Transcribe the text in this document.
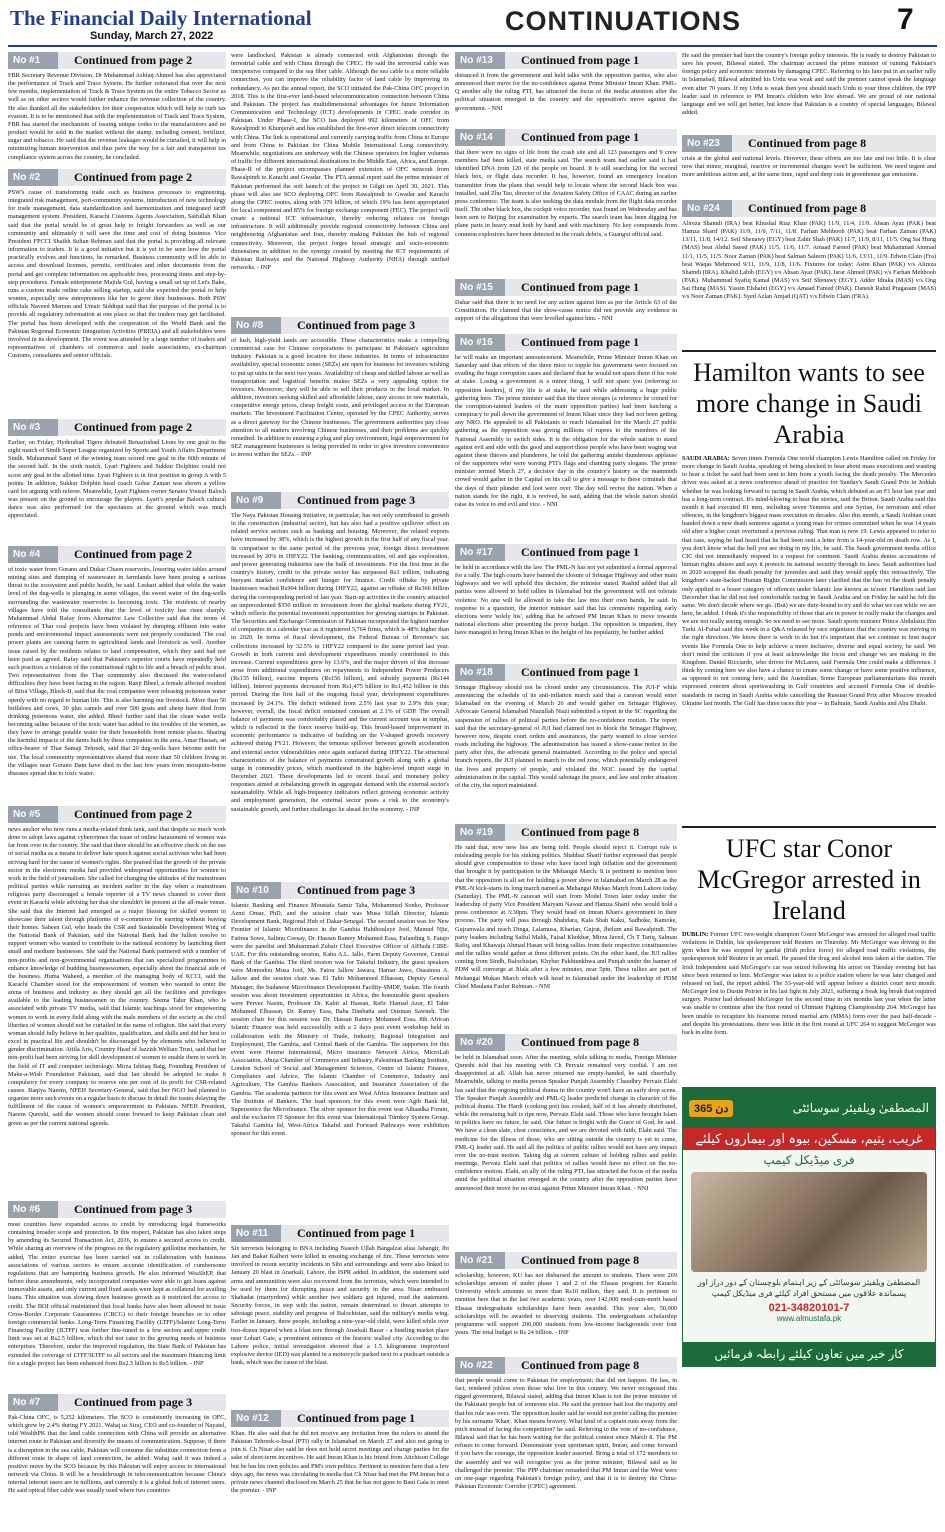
The Financial Daily International
Sunday, March 27, 2022	CONTINUATIONS	7
No #1	Continued from page 2
FBR Secretary Revenue Division, Dr Muhammad Ashfaq Ahmed has also appreciated the performance of Track and Trace System. He further reiterated that over the next few months, implementation of Track & Trace System on the entire Tobacco Sector as well as on other sectors would further enhance the revenue collection of the country. He also thanked all the stakeholders for their cooperation which will help to curb tax evasion. It is to be mentioned that with the implementation of Track and Trace System, FBR has started the mechanism of issuing unique codes to the manufacturers and no product would be sold in the market without the stamp, including cement, fertilizer, sugar and tobacco. He said that the revenue leakages would be curtailed, it will help in minimizing human intervention and thus pave the way for a fair and transparent tax compliance system across the country, he concluded.
No #2	Continued from page 2
PSW's cause of transforming trade such as business processes to engineering, integrated risk management, port-community systems, introduction of new technology for trade management, data standardization and harmonization and integrated tariff management system. President, Karachi Customs Agents Association, Saifullah Khan said that the portal would be of great help to freight forwarders as well as our community and ultimately it will save the time and cost of doing business. Vice President FPCCI Shaikh Sultan Rehman said that the portal is providing all relevant information to traders. It is a good initiative but it is yet to be seen how the portal practically evolves and functions, he remarked. Business community will be able to access and download licenses, permits, certificates and other documents from the portal and get complete information on applicable fees, processing times and step-by-step procedures. Female entrepreneur Majida Gul, having a small set up of Let's Bake, runs a custom made online cake selling startup, said she expected the portal to help women, especially new entrepreneurs like her to grow their businesses. Both PSW officials Naveed Memon and Umair Siddiqui said that the purpose of the portal is to provide all regulatory information at one place so that the traders may get facilitated. The portal has been developed with the cooperation of the World Bank and the Pakistan Regional Economic Integration Activities (PREIA) and all stakeholders were involved in its development. The event was attended by a large number of traders and representatives of chambers of commerce and trade associations, ex-chairman Customs, consultants and senior officials.
No #3	Continued from page 2
Earlier, on Friday, Hyderabad Tigers defeated Benazirabad Lions by one goal in the eight match of Sindh Super League organized by Sports and Youth Affairs Department Sindh. Muhammad Sami of the winning team scored one goal in the 60th minute of the second half. In the sixth match, Lyari Fighters and Sukkur Dolphins could not score any goal in the allotted time. Lyari Fighters is in first position in group A with 5 points. In addition, Sukkur Dolphin head coach Gohar Zaman was shown a yellow card for arguing with referee. Meanwhile, Lyari Fighters owner Senator Yousuf Baloch was present on the ground to encourage the players. Lyari's popular Baloch cultural dance was also performed for the spectators at the ground which was much appreciated.
No #4	Continued from page 2
of toxic water from Gorano and Dukar Chaon reservoirs, lowering water tables around mining sites and dumping of wastewater in farmlands have been posing a serious threat to the ecosystem and public health, he said. Leshari added that while the water level of the dug-wells is plunging in some villages, the sweet water of the dug-wells surrounding the wastewater reservoirs is becoming toxic. The residents of nearby villages have told the consultants that the level of toxicity has risen sharply. Muhammad Abdul Rafay from Alternative Law Collective said that the terms of reference of Thar coal projects have been violated by dumping effluent into water ponds and environmental impact assessments were not properly conducted. The coal power plants are causing harm to agricultural lands and livestock as well. Another issue raised by the residents relates to land compensation, which they said had not been paid as agreed. Rafay said that Pakistan's superior courts have repeatedly held such practices a violation of the constitutional right to life and a breach of public trust. Two representatives from the Thar community also discussed the water-related difficulties they have been facing in the region. Ranji Bheel, a female affected resident of Bitra Village, Block-II, said that the coal companies were releasing poisonous water openly with no regard to human life. This is also harming our livestock. More than 50 buffaloes and cows, 30 plus camels and over 500 goats and sheep have died from drinking poisonous water, she added. Bheel further said that the clean water wells becoming saline because of the toxic water has added to the troubles of the women, as they have to arrange potable water for their households from remote places. Sharing the harmful impacts of the dams built by these companies in the area, Amar Hassan, an office-bearer of Thar Samaji Tehreek, said that 20 dug-wells have become unfit for use. The local community representatives shared that more than 50 children living in the villages near Gorano Dam have died in the last few years from mosquito-borne diseases spread due to toxic water.
No #5	Continued from page 2
news anchor who now runs a media-related think tank, said that despite so much work done to adopt laws against cybercrimes the issue of online harassment of women was far from over in the country. She said that there should be an effective check on the use of social media as a means to deliver hate speech against social activists who had been striving hard for the cause of women's rights. She praised that the growth of the private sector in the electronic media had provided widespread opportunities for women to work in the field of journalism. She called for changing the attitudes of the mainstream political parties while narrating an incident earlier in the day when a mainstream religious party discouraged a female reporter of a TV news channel to cover their event in Karachi while advising her that she shouldn't be present at the all-male venue. She said that the Internet had emerged as a major blessing for skilled women to showcase their talent through platforms of e-commerce for earning without leaving their homes. Sabeen Gul, who heads the CSR and Sustainable Development Wing of the National Bank of Pakistan, said the National Bank had the fullest resolve to support women who wanted to contribute to the national economy by launching their small and medium businesses. She said the National Bank partnered with a number of non-profits and non-governmental organisations that ran specialized programmes to enhance knowledge of budding businesswomen, especially about the financial side of the business. Huma Waheed, a member of the managing body of KCCI, said the Karachi Chamber stood for the empowerment of women who wanted to enter the arena of business and industry as they should get all the facilities and privileges available to the leading businessmen in the country. Seema Tahir Khan, who is associated with private TV media, said that Islamic teachings stood for empowering women to work in every field along with the male members of the society as the civil liberties of women should not be curtailed in the name of religion. She said that every woman should fully believe in her qualities, qualification, and skills and did her best to excel in practical life and shouldn't be discouraged by the elements who believed in gender discrimination. Attila Aris, Country Head of Jazzish Welfare Trust, said that her non-profit had been striving for skill development of women to enable them to work in the field of IT and computer technology. Mirza Ishtiaq Baig, Founding President of Make-a-Wish Foundation Pakistan, said that Ian should be adopted to make it compulsory for every company to reserve one per cent of its profit for CSR-related causes. Baqiya Naeem, NFEH Secretary-General, said that her NGO had planned to organise more such events on a regular basis to discuss in detail the issues delaying the fulfillment of the cause of women's empowerment in Pakistan. NFEH President, Naeem Qureshi, said the women should come forward to keep Pakistan clean and green as per the current national agenda.
No #6	Continued from page 3
most countries have expanded access to credit by introducing legal frameworks containing broader scope and protection. In this respect, Pakistan has also taken steps by amending its Secured Transaction Act, 2016, to ensure a secured access to credit. While sharing an overview of the progress on the regulatory guillotine mechanism, he added, The entire exercise has been carried out in collaboration with business associations of various sectors to ensure accurate identification of cumbersome regulations that are hampering business growth. He also informed WeaShEP, that before these amendments, only incorporated companies were able to get loans against immovable assets, and only current and fixed assets were kept as collateral for availing loans. This situation was slowing down business growth as it restricted the access to credit. The BOI official maintained that local banks have also been allowed to issue Cross-Border Corporate Guarantees (CBCG) to their foreign branches or to other foreign commercial banks. Long-Term Financing Facility (LTFF)/Islamic Long-Term Financing Facility (ILTFF) was further fine-tuned to a few sectors and upper credit limit was set at Rs2.5 billion, which did not cater to the growing needs of business enterprises. Therefore, under the improved regulation, the State Bank of Pakistan has extended the coverage of LTFF/ILTFF to all sectors and the maximum financing limit for a single project has been enhanced from Rs2.5 billion to Rs5 billion. - INP
No #7	Continued from page 3
Pak-China OFC, is 5,252 kilometers. The SCO is consistently increasing its OFC, which grew by 2.4% during FY 2021. Wahaj us Siraj, CEO and co-founder of Nayatel, told WealthPK that the land cable connection with China will provide an alternative internet route to Pakistan and diversify the means of communication. Suppose, if there is a disruption in the sea cable, Pakistan will consume the substitute connection from a different route in shape of land connection, he added. Wahaj said it was indeed a positive move by the SCO because by this Pakistan will enjoy access to international network via China. It will be a breakthrough in telecommunication because China's internal internet users are in millions, and currently it is a global hub of internet users. He said optical fiber cable was usually used where two countries
were landlocked. Pakistan is already connected with Afghanistan through the terrestrial cable and with China through the CPEC. He said the terrestrial cable was inexpensive compared to the sea fiber cable. Although the sea cable is a more reliable connection, you can improve the reliability factor of land cable by improving its redundancy. As per the annual report, the SCO initiated the Pak-China OFC project in 2018. This is the first-ever land-based telecommunication connection between China and Pakistan. The project has multidimensional advantages for future Information Communication and Technology (ICT) developments in CPEC trade corridor in Pakistan. Under Phase-I, the SCO has deployed 992 kilometers of OFC from Rawalpindi to Khunjerab and has established the first-ever direct telecom connectivity with China. The link is operational and currently carrying traffic from China to Europe and from China to Pakistan for China Mobile International Long connectivity. Meanwhile, negotiations are underway with the Chinese operators for higher volumes of traffic for different international destinations in the Middle East, Africa, and Europe. Phase-II of the project encompasses planned extension of OFC network from Rawalpindi to Karachi and Gwadar. The PTA annual report said the prime minister of Pakistan performed the soft launch of the project in Gilgit on April 30, 2021. This phase will also see SCO deploying OFC from Rawalpindi to Gwadar and Karachi along the CPEC routes, along with 379 billion, of which 19% has been appropriated for local component and 85% for foreign exchange component (FEC). The project will create a national ICT infrastructure, thereby reducing reliance on foreign infrastructure. It will additionally provide regional connectivity between China and neighbouring Afghanistan and Iran, thereby making Pakistan the hub of regional connectivity. Moreover, the project forges broad strategic and socio-economic dimensions in addition to the synergy created by meeting the ICT requirements of Pakistan Railways and the National Highway Authority (NHA) through unified networks. - INP
No #8	Continued from page 3
of lush, high-yield lands are accessible. These characteristics make a compelling commercial case for Chinese corporations to participate in Pakistan's agriculture industry. Pakistan is a good location for these industries. In terms of infrastructure availability, special economic zones (SEZs) are open for business for investors wishing to put up units in the next two years. Availability of cheap and skilled labour as well as transportation and logistical benefits makes SEZs a very appealing option for investors. Moreover, they will be able to sell their products in the local market. In addition, investors seeking skilled and affordable labour, easy access to raw materials, competitive energy prices, cheap freight costs, and privileged access to the European markets. The Investment Facilitation Centre, operated by the CPEC Authority, serves as a direct gateway for the Chinese businesses. The government authorities pay close attention to all matters involving Chinese businesses, and their problems are quickly remedied. In addition to ensuring a plug and play environment, legal empowerment for SEZ management businesses is being provided in order to give investors convenience to invest within the SEZs. - INP
No #9	Continued from page 3
The Naya Pakistan Housing Initiative, in particular, has not only contributed to growth in the construction (industrial sector), but has also had a positive spillover effect on related service sectors such as banking and housing. Moreover, the related exports have increased by 38%, which is the highest growth in the first half of any fiscal year. In comparison to the same period of the previous year, foreign direct investment increased by 20% in 1HFY22. The banking, communication, oil and gas exploration, and power generating industries saw the bulk of investments. For the first time in the country's history, credit to the private sector has surpassed Rs1 trillion, indicating buoyant market confidence and hunger for finance. Credit offtake by private businesses reached Rs904 billion during 1HFY22, against an offtake of Rs366 billion during the corresponding period of last year. Start-up activities in the country attracted an unprecedented $350 million in investment from the global markets during FY21, which reflects the potential investment opportunities for growing startups in Pakistan. The Securities and Exchange Commission of Pakistan incorporated the highest number of companies in a calendar year as it registered 5,764 firms, which is 48% higher than in 2020. In terms of fiscal development, the Federal Bureau of Revenue's tax collections increased by 32.5% in 1HFY22 compared to the same period last year. Growth in both current and development expenditures mostly contributed to this increase. Current expenditures grew by 13.6%, and the major drivers of this increase arose from additional expenditures on repayments to Independent Power Producers (Rs135 billion), vaccine imports (Rs156 billion), and subsidy payments (Rs144 billion). Interest payments decreased from Rs1,475 billion to Rs1,452 billion in this period. During the first half of the ongoing fiscal year, development expenditures increased by 24.1%. The deficit widened from 2.5% last year to 2.9% this year; however, overall, the fiscal deficit remained constant at 2.1% of GDP. The overall balance of payments was comfortably placed and the current account was in surplus, which is reflected in the forex reserve build-up. This broad-based improvement in economic performance is indicative of building on the V-shaped growth recovery achieved during FY21. However, the tenuous spillover between growth acceleration and external sector vulnerabilities once again surfaced during 1HFY22. The structural characteristics of the balance of payments constrained growth along with a global surge in commodity prices, which manifested in the higher-level import surge in December 2021. These developments led to recent fiscal and monetary policy responses aimed at rebalancing growth in aggregate demand with the external sector's sustainability. While all high-frequency indicators reflect growing economic activity and employment generation, the external sector poses a risk to the economy's sustainable growth, and further challenges lie ahead for the economy. - INP
No #10	Continued from page 3
Islamic Banking and Finance Moustafa Samir Taha, Mohammed Sonko, Professor Azmi Omar, PhD, and the session chair was Musa Sillah Director, Islamic Development Bank, Regional Hub of Dakar-Senegal. The second session was for New Frontier of Islamic Microfinance in the Gambia Habiboulaye Joof, Mamud Njie, Fatima Sowe, Salimu Ceesay, Dr. Hassan Ramey Mohamed Essa, Fafanding S. Fatajo were the panelist and Muhammad Zubair Chief Executive Officer of AlHuda CIBE-UAE. For this outstanding session, Kaba A.L. Jallo, Farm Deputy Governor, Central Bank of the Gambia. The third session was for Takaful Industry, the guest speakers were Momodou Musa Joof, Ms. Fatou Jallow Jawara, Hamar Jawo, Ousainou A. Jallow and the session chair was El Tahir Mohammed Elhassan, Deputy General Manager, the Sudanese Microfinance Development Facility-SMDF, Sudan. The fourth session was about investment opportunities in Africa, the honourable guest speakers were Pervez Nasim, Professor Dr. Kabir al Hassan, Rafic Hamad Azar, El Tahir Mohamed Elhassan, Dr. Ramey Essa, Baba Danbatta and Ousman Sawneh. The session chair for this session was Dr. Hassan Ramey Mohamed Essa. 8th African Islamic Finance was held successfully with a 2 days post event workshop held in collaboration with the Ministry of Trade, Industry, Regional Integration and Employment, The Gambia, and Central Bank of the Gambia. The supporters for this event were Heemo International, Micro insurance Network Africa, MicroLab Association, Abuja Chamber of Commerce and Industry, Palestinian Banking Institute, London School of Social and Management Sciences, Centre of Islamic Finance, Compliance and Advice, The Islamic Chamber of Commerce, Industry and Agriculture, The Gambia Bankers Association, and Insurance Association of the Gambia. The academia partners for this event are West Africa Insurance Institute and The Institute of Bankers. The lead sponsors for this event were Agib Bank ltd, Supersonicz the Microfinance. The silver sponsor for this event was Alhaadka Forum, and the exclusive IT Sponsor for this event was International Turnkey System Group. Takaful Gambia ltd, West-Africa Takaful and Forward Pathways were exhibition sponsor for this event.
No #11	Continued from page 1
Six terrorists belonging to BNA including Naseeb Ullah Bangalzai alias Jahangir, Ibi Jan and Bakar Kalbert were killed in ensuing exchange of fire. These terrorists were involved in recent security incidents in Sibi and surroundings and were also linked to January 20 blast in Anarkali, Lahore, the ISPR added. In addition, the statement said arms and ammunition were also recovered from the terrorists, which were intended to be used by them for disrupting peace and security in the area. Nisar embraced Shahadat (martyrdom) while another two soldiers got injured, read the statement. Security forces, in step with the nation, remain determined to thwart attempts to sabotage peace, stability and progress of Balochistan, said the military's media wing. Earlier in January, three people, including a nine-year-old child, were killed while over two-dozen injured when a blast tore through Anarkali Bazar - a bustling market place near Lohari Gate, a prominent entrance of the historic walled city. According to the Lahore police, initial investigation showed that a 1.5 kilogramme improvised explosive device (IED) was planted in a motorcycle parked next to a pushcart outside a bank, which was the cause of the blast.
No #12	Continued from page 1
Khan. He also said that he did not receive any invitation from the rulers to attend the Pakistan Tehreek-e-Insaf (PTI) rally in Islamabad on March 27 and also not going to join it. Ch Nisar also said he does not hold secret meetings and change parties for the sake of short-term incentives. He said Imran Khan is his friend from Aitchison College but he has his own policies and PM's own politics. Pertinent to mention here that a few days ago, the news was circulating in media that Ch Nisar had met the PM Imran but a private news channel disclosed on March 25 that he has not gone to Bani Gala to meet the premier. - INP
No #13	Continued from page 1
distanced it from the government and held talks with the opposition parties, who also announced their move for the no-confidence against Prime Minister Imran Khan. PML-Q another ally the ruling PTI, has attracted the focus of the media attention after the political situation emerged in the country and the opposition's move against the government. - NNI
No #14	Continued from page 1
that there were no signs of life from the crash site and all 123 passengers and 9 crew members had been killed, state media said. The search team had earlier said it had identified DNA from 120 of the people on board. It is still searching for the second black box, or flight data recorder. It has, however, found an emergency location transmitter from the plane that would help to locate where the second black box was installed, said Zhu Tao, director of the Aviation Safety Office of CAAC during an earlier press conference. The team is also seeking the data module from the flight data recorder itself. The other black box, the cockpit voice recorder, was found on Wednesday and has been sent to Beijing for examination by experts. The search team has been digging for plane parts in heavy mud both by hand and with machinery. No key compounds from common explosives have been detected in the crash debris, a Guangxi official said.
No #15	Continued from page 1
Dahar said that there is no need for any action against him as per the Article 63 of the Constitution. He claimed that the show-cause notice did not provide any evidence in support of the allegations that were levelled against him. - NNI
No #16	Continued from page 1
he will make an important announcement. Meanwhile, Prime Minister Imran Khan on Saturday said that efforts of the three mice to topple his government were focused on evading the huge corruption cases and declared that he would not spare them if his vote at stake. Losing a government is a minor thing, I will not spare you (referring to opposition leaders), if my life is at stake, he said while addressing a huge public gathering here. The prime minister said that the three stooges (a reference he coined for the corruption-tainted leaders of the main opposition parties) had been hatching a conspiracy to pull down the government of Imran Khan since they had not been getting any NRO. He appealed to all Pakistanis to reach Islamabad for the March 27 public gathering as the opposition was giving millions of rupees to the members of the National Assembly to switch sides. It is the obligation for the whole nation to stand against evil and side with the good and support those people who have been waging war against these thieves and plunderers, he told the gathering amidst thunderous applause of the supporters who were waving PTI's flags and chanting party slogans. The prime minister termed March 27, a decisive day in the country's history as the mammoth crowd would gather in the Capital on his call to give a message to these criminals that the days of their plunder and loot were over. The day will revive the nation. When a nation stands for the right, it is revived, he said, adding that the whole nation should raise its voice to end evil and vice. - NNI
No #17	Continued from page 1
be held in accordance with the law. The PML-N has not yet submitted a formal approval for a rally. The high courts have banned the closure of Srinagar Highway and other main highways and we will uphold this decision, the minister stated. Rashid added that all parties were allowed to hold rallies in Islamabad but the government will not tolerate violence. No one will be allowed to take the law into their own hands, he said. In response to a question, the interior minister said that his comments regarding early elections were 'solely his', adding that he advised PM Imran Khan to move towards national elections after presenting the proxy budget. The opposition is impudent, they have managed to bring Imran Khan to the height of his popularity, he further added.
No #18	Continued from page 1
Srinagar Highway should not be closed under any circumstances. The JUI-F while announcing the schedule of its anti-inflation march said that a caravan would enter Islamabad on the evening of March 26 and would gather on Srinagar Highway. Advocate General Islamabad Niazullah Niazi submitted a report in the SC regarding the suspension of rallies of political parties before the no-confidence motion. The report said that the secretary-general of JUI had claimed not to block the Srinagar Highway, however now, despite court orders and assurances, the party wanted to close service roads including the highway. The administration has issued a show-cause notice to the party after this, the advocate general maintained. According to the police and special branch reports, the JUI planned to march to the red zone, which potentially endangered the lives and property of people, and violated the NOC issued by the capital administration in the capital. This would sabotage the peace, and law and order situation of the city, the report maintained.
No #19	Continued from page 8
He said that, now new lies are being told. People should reject it. Corrupt rule is misleading people for his sinking politics. Shahbaz Sharif further expressed that people should give compensation to those who have faced high inflation and the government that brought it by participation in the Mehangai March. It is pertinent to mention here that the opposition is all set for holding a power show in Islamabad on March 28 as the PML-N kick-starts its long march named as Mehangai Mukao March from Lahore today (Saturday). The PML-N caravan will start from Model Town later today under the leadership of party Vice President Maryam Nawaz and Hamza Sharif who would hold a press conference at 3:30pm. They would head on Imran Khan's government in their process. The party will pass through Shahdara, Kala Shah Kaku, Sadhoke, Kamoke, Gujranwala and reach Dinga, Lalamusa, Kharian, Gujrat, Jhelum and Rawalpindi. The party leaders including Saiful Malik, Faisal Khokhar, Mirza Javed, Ch T Tariq, Salman Rafiq, and Khawaja Ahmad Hasan will bring rallies from their respective constituencies and the rallies would gather at three different points. On the other hand, the JUI rallies coming from Sindh, Balochistan, Khyber Pakhtunkhwa and Punjab under the banner of PDM will converge at Jilala after a few minutes, near 5pm. These rallies are part of Mehangai Mukao March which will head to Islamabad under the leadership of PDM Chief Maulana Fazlur Rehman. - NNI
No #20	Continued from page 8
be held in Islamabad soon. After the meeting, while talking to media, Foreign Minister Qureshi told that his meeting with Ch Pervaiz remained very cordial. I am not disappointed at all. Allah has never returned me empty-handed, he said cheerfully. Meanwhile, talking to media person Speaker Punjab Assembly Chaudhry Pervaiz Elahi has said that the ongoing political drama in the country won't have an early drop scene. The Speaker Punjab Assembly and PML-Q leader predicted change in character of the political drama. The Hardi (cooking pot) has cooked, half of it has already distributed, while the remaining half is ripe now, Pervaiz Elahi said. Those who have brought Islam in politics have no future, he said. Our future is bright with the Grace of God, he said. We have a clean slate, clear conscience, and we are devoted with faith, Elahi said. The medicine for the illness of those, who are sitting outside the country is yet to come, PML-Q leader said. He said all the politics of public rallies would not have any impact over the no-trust motion. Taking dig at current culture of holding rallies and public meetings, Pervaiz Elahi said that politics of rallies would have no effect on the no-confidence motion. Elahi, an ally of the ruling PTI, has attracted the focus of the media amid the political situation emerged in the country after the opposition parties have announced their move for no-trust against Prime Minister Imran Khan. - NNI
No #21	Continued from page 8
scholarship, however, KU has not disbursed the amount to students. There were 269 scholarships amount of under phase 1 and 2 of the Ehsaas program for Karachi University which amounts to more than Rs10 million, they said. It is pertinent to mention here that in the last two academic years, over 142,000 need-cum-merit based Ehsaas undergraduate scholarships have been awarded. This year also, 50,000 scholarships will be awarded to deserving students. The undergraduate scholarship programme will support 200,000 students from low-income backgrounds over four years. The total budget is Rs 24 billion. - INP
No #22	Continued from page 8
that people would come to Pakistan for employment; that did not happen. He has, in fact, rendered jobless even those who live in this country. We never recognised this rigged government, Bilawal stated, adding that Imran Khan is not the prime minister of the Pakistani people but of someone else. He said the premier had lost the majority and that his rule was over. The opposition leader said he would not prefer calling the premier by his surname 'Khan'. Khan means bravery. What kind of a captain runs away from the pitch instead of facing the competition? he said. Referring to the vote of no-confidence, Bilawal said that he has been waiting for the political contest since March 8. The PM refuses to come forward. Demonstrate your sportsman spirit, Imran, and come forward if you have the courage, the opposition leader asserted. Bring a total of 172 members to the assembly and we will recognise you as the prime minister, Bilawal said as he challenged the premier. The PPP chairman remarked that PM Imran and the West were on one-page regarding Pakistan's foreign policy, and that it is to destroy the China-Pakistan Economic Corridor (CPEC) agreement.
He said the premier had hurt the country's foreign policy interests. He is ready to destroy Pakistan to save his power, Bilawal stated. The chairman accused the prime minister of ruining Pakistan's foreign policy and economic interests by damaging CPEC. Referring to his fans put in an earlier rally in Islamabad, Bilawal admitted his Urdu was weak and said the premier cannot speak the language even after 70 years. If my Urdu is weak then you should teach Urdu to your three children, the PPP leader said in reference to PM Imran's children who live abroad. We are proud of our national language and we will get better, but know that Pakistan is a country of special languages, Bilawal added.
No #23	Continued from page 8
crisis at the global and national levels. However, these efforts are too late and too little. It is clear now that minor, marginal, reactive or incremental changes won't be sufficient. We need urgent and more ambitious action and, at the same time, rapid and deep cuts in greenhouse gas emissions.
No #24	Continued from page 8
Alireza Shamdi (IRA) beat Khushal Riaz Khan (PAK) 11/9, 11/4, 11/9. Ahsan Ayaz (PAK) beat Hamza Sharif (PAK) 11/9, 11/9, 7/11, 11/8. Farhan Mehboob (PAK) beat Farhan Zaman (PAK) 13/11, 11/8, 14/12. Seif Shenawy (EGY) beat Zahir Shah (PAK) 11/7, 11/9, 8/11, 11/5. Ong Sai Hung (MAS) beat Abdul Saeed (PAK) 11/5, 11/6, 11/7. Amaad Fareed (PAK) beat Muhammad Ammad 11/1, 11/5, 11/5. Noor Zaman (PAK) beat Salman Saleem (PAK) 11/6, 13/11, 11/9. Edwin Clain (Fra) beat Waqas Mehmood 9/11, 11/9, 11/8, 11/6. Fixtures for today: Asim Khan (PAK) v/s Alireza Shamdi (IRA). Khalid Labib (EGY) v/s Ahsan Ayaz (PAK). Israr Ahmed (PAK) v/s Farhan Mehboob (PAK). Muhammad Syafiq Kamal (MAS) v/s Seif Shenawy (EGY). Adder Idraka (MAS) v/s Ong Sai Hung (MAS). Yassin Elshafei (EGY) v/s Amaad Fareed (PAK). Danesh Rahul Pragasam (MAS) v/s Noor Zaman (PAK). Syed Azlan Amjad (QAT) v/s Edwin Clain (FRA).
Hamilton wants to see more change in Saudi Arabia
SAUDI ARABIA: Seven times Formula One world champion Lewis Hamilton called on Friday for more change in Saudi Arabia, speaking of being shocked to hear about mass executions and wanting to hear a ticket he said had been sent to him from a youth facing the death penalty. The Mercedes driver was asked at a news conference ahead of practice for Sunday's Saudi Grand Prix in Jeddah whether he was looking forward to racing in Saudi Arabia, which debuted as an F1 host last year and has a long-term contract. It's mind-blowing to hear the stories, said the Briton. Saudi Arabia said this month it had executed 81 men, including seven Yemenis and one Syrian, for terrorism and other offences, in the kingdom's biggest mass execution in decades. Also this month, a Saudi Arabian court handed down a new death sentence against a young man for crimes committed when he was 14 years old after a higher court overturned a previous ruling. That man is now 19. Lewis appeared to refer to that case, saying he had heard that he had been sent a letter from a 14-year-old on death row. As I, you don't know what the hell you are doing in my life, he said. The Saudi government media office CIC did not immediately respond to a request for comment. Saudi Arabia denies accusations of human rights abuses and says it protects its national security through its laws. Saudi authorities had in 2020 scrapped the death penalty for juveniles and said they would apply this retroactively. The kingdom's state-backed Human Rights Commission later clarified that the ban on the death penalty only applied to a lesser category of offences under Islamic law known as ta'zeer. Hamilton said last December that he did not feel comfortable racing in Saudi Arabia and on Friday he said he felt the same. We don't decide where we go. (But) we are duty-bound to try and do what we can while we are here, he added. I think it's the responsibility of those that are in power to really make the changes and we are not really seeing enough. So we need to see more. Saudi sports minister Prince Abdulaziz Bin Turki Al-Faisal said this week in a Q&A released by race organisers that the country was moving in the right direction. We know there is work to do but it's important that we continue to host major events like Formula One to help achieve a more inclusive, diverse and equal society, he said. We don't mind the criticism if you at least acknowledge the focus and change we are making in the Kingdom. Daniel Ricciardo, who drives for McLaren, said Formula One could make a difference. I think by coming here we also have a chance to create some change or have some positive influence, as opposed to not coming here, said the Australian. Some European parliamentarians this month expressed concern about sportswashing in Gulf countries and accused Formula One of double-standards in racing in Saudi Arabia while cancelling the Russian Grand Prix after Moscow invaded Ukraine last month. The Gulf has three races this year -- in Bahrain, Saudi Arabia and Abu Dhabi.
UFC star Conor McGregor arrested in Ireland
DUBLIN: Former UFC two-weight champion Conor McGregor was arrested for alleged road traffic violations in Dublin, his spokesperson told Reuters on Thursday. Mr McGregor was driving to the gym when he was stopped by gardai (Irish police force) for alleged road traffic violations, the spokesperson told Reuters in an email. He passed the drug and alcohol tests taken at the station. The Irish Independent said McGregor's car was seized following his arrest on Tuesday evening but has since been returned to him. McGregor was taken to a police station where he was later charged and released on bail, the report added. The 33-year-old will appear before a district court next month. McGregor lost to Dustin Poirier in his last fight in July 2021, suffering a freak leg break that required surgery. Poirier had defeated McGregor for the second time in six months last year when the latter was unable to continue after the first round of Ultimate Fighting Championship 264. McGregor has been unable to recapture his fearsome mixed martial arts (MMA) form over the past half-decade - and despite his protestations, there was little in the first round at UFC 264 to suggest McGregor was back in elite form.
365 دن	المصطفیٰ ویلفیئر سوسائٹی
غریب، یتیم، مسکین، بیوہ اور بیماروں کیلئے
فری میڈیکل کیمپ
المصطفیٰ ویلفیئر سوسائٹی کے زیر اہتمام بلوچستان کے دور دراز اور پسماندہ علاقوں میں مستحق افراد کیلئے فری میڈیکل کیمپ
021-34820101-7
www.almustafa.pk
کار خیر میں تعاون کیلئے رابطہ فرمائیں
